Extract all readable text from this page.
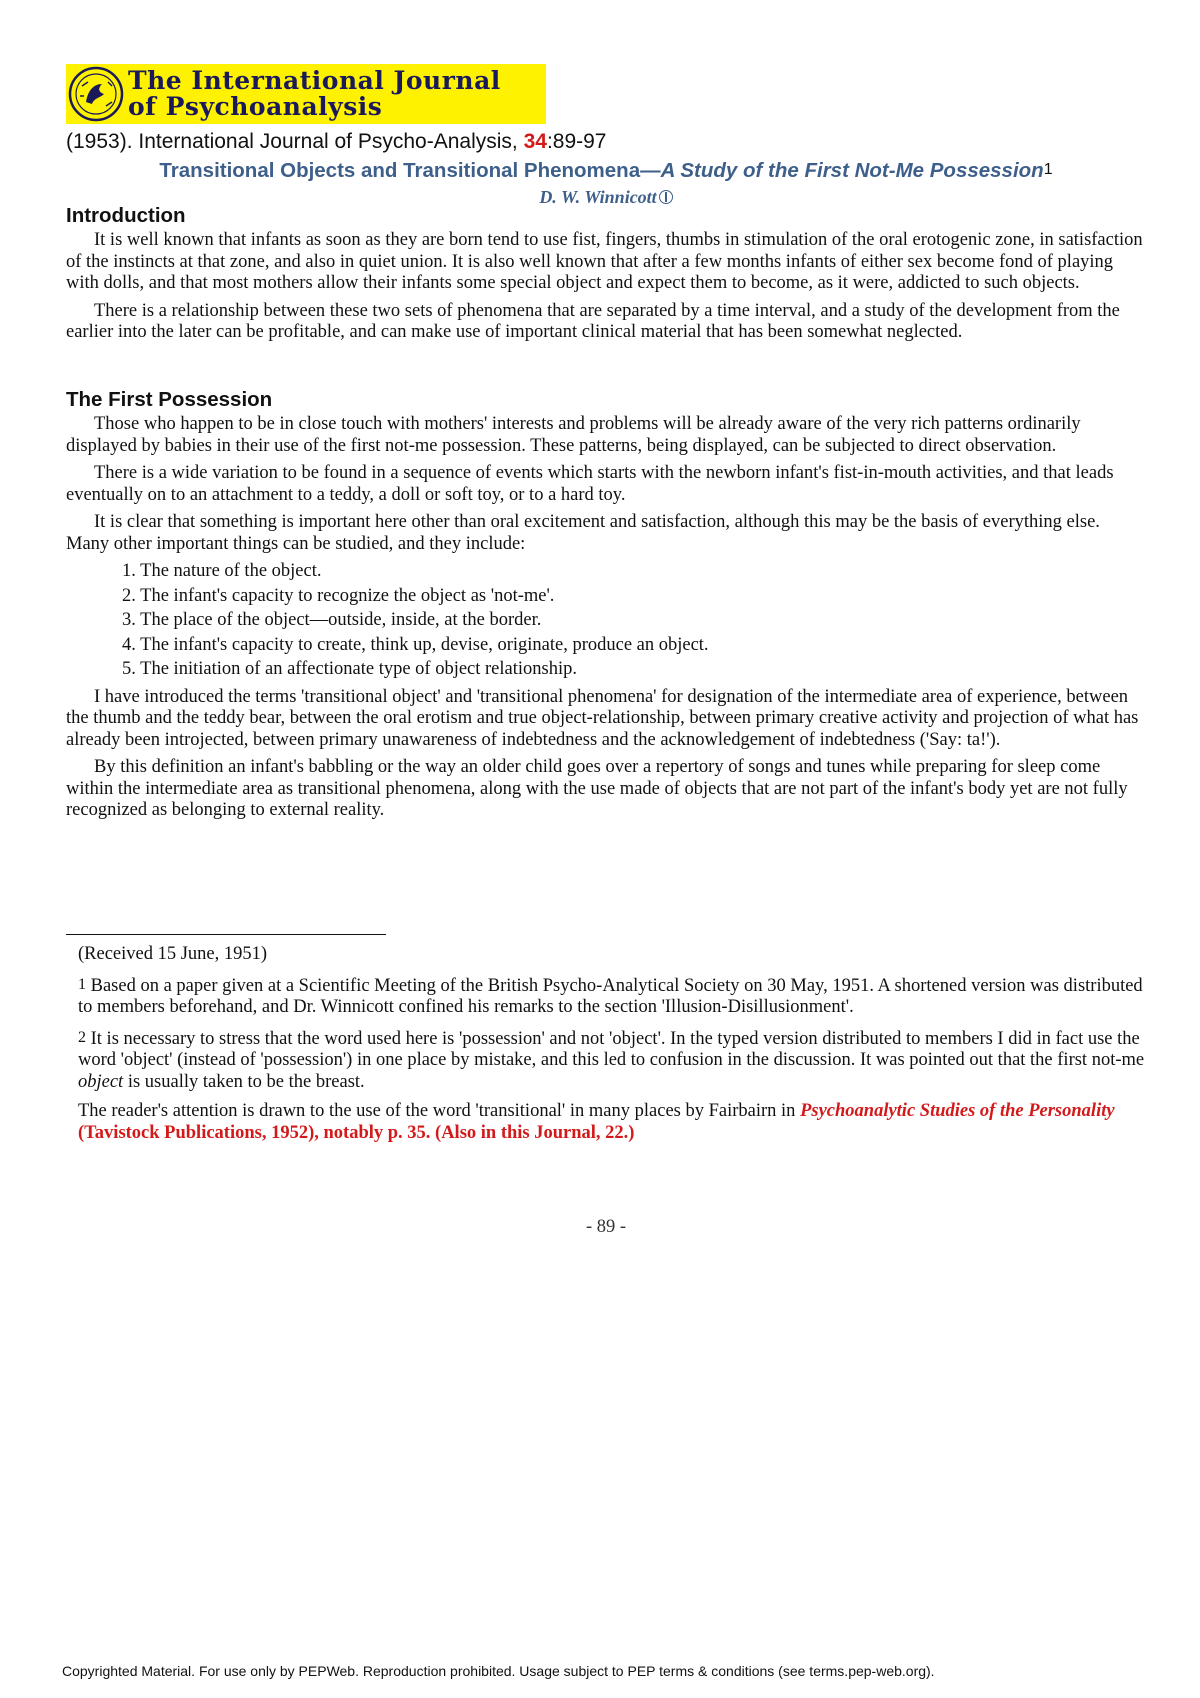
The International Journal
of Psychoanalysis
(1953). International Journal of Psycho-Analysis, 34:89-97
Transitional Objects and Transitional Phenomena—A Study of the First Not-Me Possession$^1$
D. W. Winnicott
Introduction

It is well known that infants as soon as they are born tend to use fist, fingers, thumbs in stimulation of the oral erotogenic zone, in satisfaction of the instincts at that zone, and also in quiet union. It is also well known that after a few months infants of either sex become fond of playing with dolls, and that most mothers allow their infants some special object and expect them to become, as it were, addicted to such objects.

There is a relationship between these two sets of phenomena that are separated by a time interval, and a study of the development from the earlier into the later can be profitable, and can make use of important clinical material that has been somewhat neglected.

The First Possession

Those who happen to be in close touch with mothers' interests and problems will be already aware of the very rich patterns ordinarily displayed by babies in their use of the first not-me possession. These patterns, being displayed, can be subjected to direct observation.

There is a wide variation to be found in a sequence of events which starts with the newborn infant's fist-in-mouth activities, and that leads eventually on to an attachment to a teddy, a doll or soft toy, or to a hard toy.

It is clear that something is important here other than oral excitement and satisfaction, although this may be the basis of everything else. Many other important things can be studied, and they include:

1. The nature of the object.
2. The infant's capacity to recognize the object as 'not-me'.
3. The place of the object—outside, inside, at the border.
4. The infant's capacity to create, think up, devise, originate, produce an object.
5. The initiation of an affectionate type of object relationship.

I have introduced the terms 'transitional object' and 'transitional phenomena' for designation of the intermediate area of experience, between the thumb and the teddy bear, between the oral erotism and true object-relationship, between primary creative activity and projection of what has already been introjected, between primary unawareness of indebtedness and the acknowledgement of indebtedness ('Say: ta!').

By this definition an infant's babbling or the way an older child goes over a repertory of songs and tunes while preparing for sleep come within the intermediate area as transitional phenomena, along with the use made of objects that are not part of the infant's body yet are not fully recognized as belonging to external reality.

(Received 15 June, 1951)

$^1$ Based on a paper given at a Scientific Meeting of the British Psycho-Analytical Society on 30 May, 1951. A shortened version was distributed to members beforehand, and Dr. Winnicott confined his remarks to the section 'Illusion-Disillusionment'.

$^2$ It is necessary to stress that the word used here is 'possession' and not 'object'. In the typed version distributed to members I did in fact use the word 'object' (instead of 'possession') in one place by mistake, and this led to confusion in the discussion. It was pointed out that the first not-me object is usually taken to be the breast.

The reader's attention is drawn to the use of the word 'transitional' in many places by Fairbairn in Psychoanalytic Studies of the Personality (Tavistock Publications, 1952), notably p. 35. (Also in this Journal, 22.)

- 89 -
Copyrighted Material. For use only by PEPWeb. Reproduction prohibited. Usage subject to PEP terms & conditions (see terms.pep-web.org).
